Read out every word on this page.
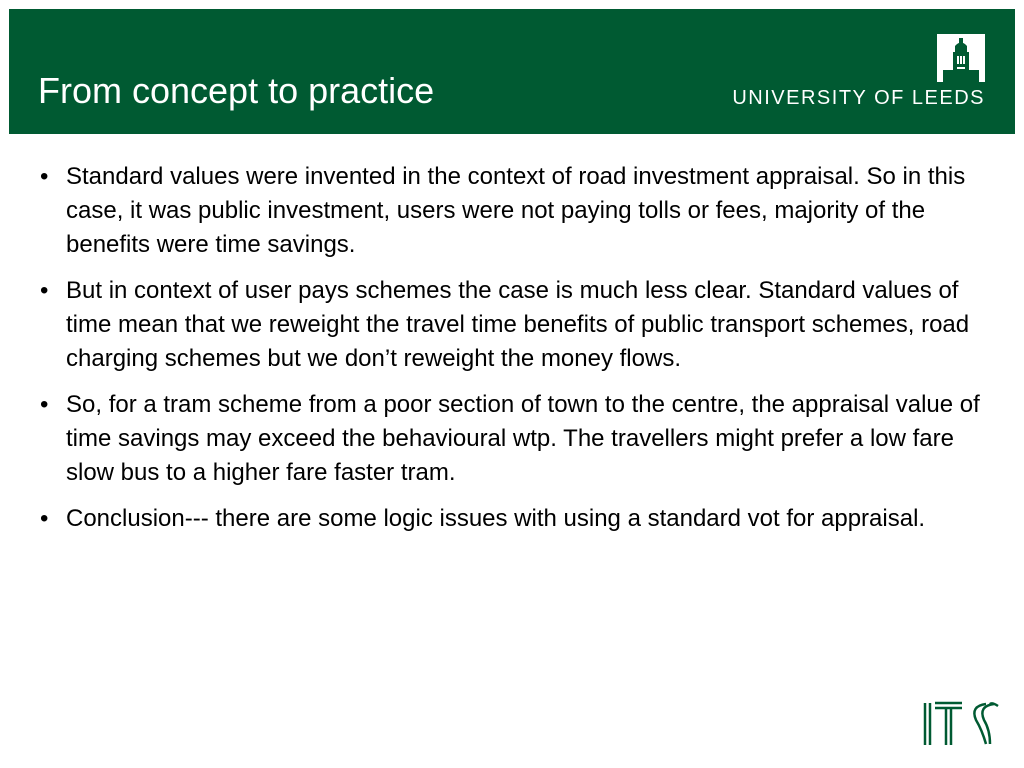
From concept to practice	UNIVERSITY OF LEEDS
• Standard values were invented in the context of road investment appraisal. So in this case, it was public investment, users were not paying tolls or fees, majority of the benefits were time savings.
• But in context of user pays schemes the case is much less clear. Standard values of time mean that we reweight the travel time benefits of public transport schemes, road charging schemes but we don’t reweight the money flows.
• So, for a tram scheme from a poor section of town to the centre, the appraisal value of time savings may exceed the behavioural wtp. The travellers might prefer a low fare slow bus to a higher fare faster tram.
• Conclusion--- there are some logic issues with using a standard vot for appraisal.
